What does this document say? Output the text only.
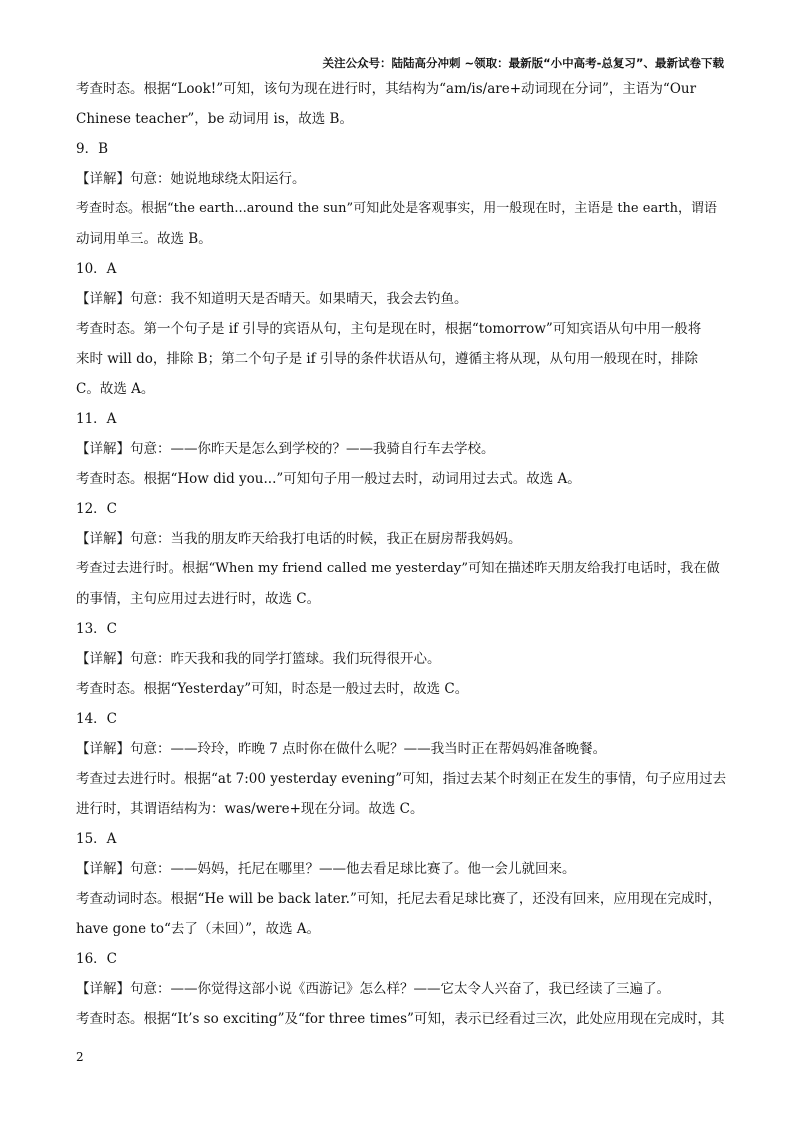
关注公众号：陆陆高分冲刺 ~领取：最新版“小中高考-总复习”、最新试卷下载
考查时态。根据“Look!”可知，该句为现在进行时，其结构为“am/is/are+动词现在分词”，主语为“Our
Chinese teacher”，be 动词用 is，故选 B。
9．B
【详解】句意：她说地球绕太阳运行。
考查时态。根据“the earth...around the sun”可知此处是客观事实，用一般现在时，主语是 the earth，谓语
动词用单三。故选 B。
10．A
【详解】句意：我不知道明天是否晴天。如果晴天，我会去钓鱼。
考查时态。第一个句子是 if 引导的宾语从句，主句是现在时，根据“tomorrow”可知宾语从句中用一般将
来时 will do，排除 B；第二个句子是 if 引导的条件状语从句，遵循主将从现，从句用一般现在时，排除
C。故选 A。
11．A
【详解】句意：——你昨天是怎么到学校的？——我骑自行车去学校。
考查时态。根据“How did you...”可知句子用一般过去时，动词用过去式。故选 A。
12．C
【详解】句意：当我的朋友昨天给我打电话的时候，我正在厨房帮我妈妈。
考查过去进行时。根据“When my friend called me yesterday”可知在描述昨天朋友给我打电话时，我在做
的事情，主句应用过去进行时，故选 C。
13．C
【详解】句意：昨天我和我的同学打篮球。我们玩得很开心。
考查时态。根据“Yesterday”可知，时态是一般过去时，故选 C。
14．C
【详解】句意：——玲玲，昨晚 7 点时你在做什么呢？——我当时正在帮妈妈准备晚餐。
考查过去进行时。根据“at 7:00 yesterday evening”可知，指过去某个时刻正在发生的事情，句子应用过去
进行时，其谓语结构为：was/were+现在分词。故选 C。
15．A
【详解】句意：——妈妈，托尼在哪里？——他去看足球比赛了。他一会儿就回来。
考查动词时态。根据“He will be back later.”可知，托尼去看足球比赛了，还没有回来，应用现在完成时，
have gone to“去了（未回）”，故选 A。
16．C
【详解】句意：——你觉得这部小说《西游记》怎么样？——它太令人兴奋了，我已经读了三遍了。
考查时态。根据“It’s so exciting”及“for three times”可知，表示已经看过三次，此处应用现在完成时，其
2
